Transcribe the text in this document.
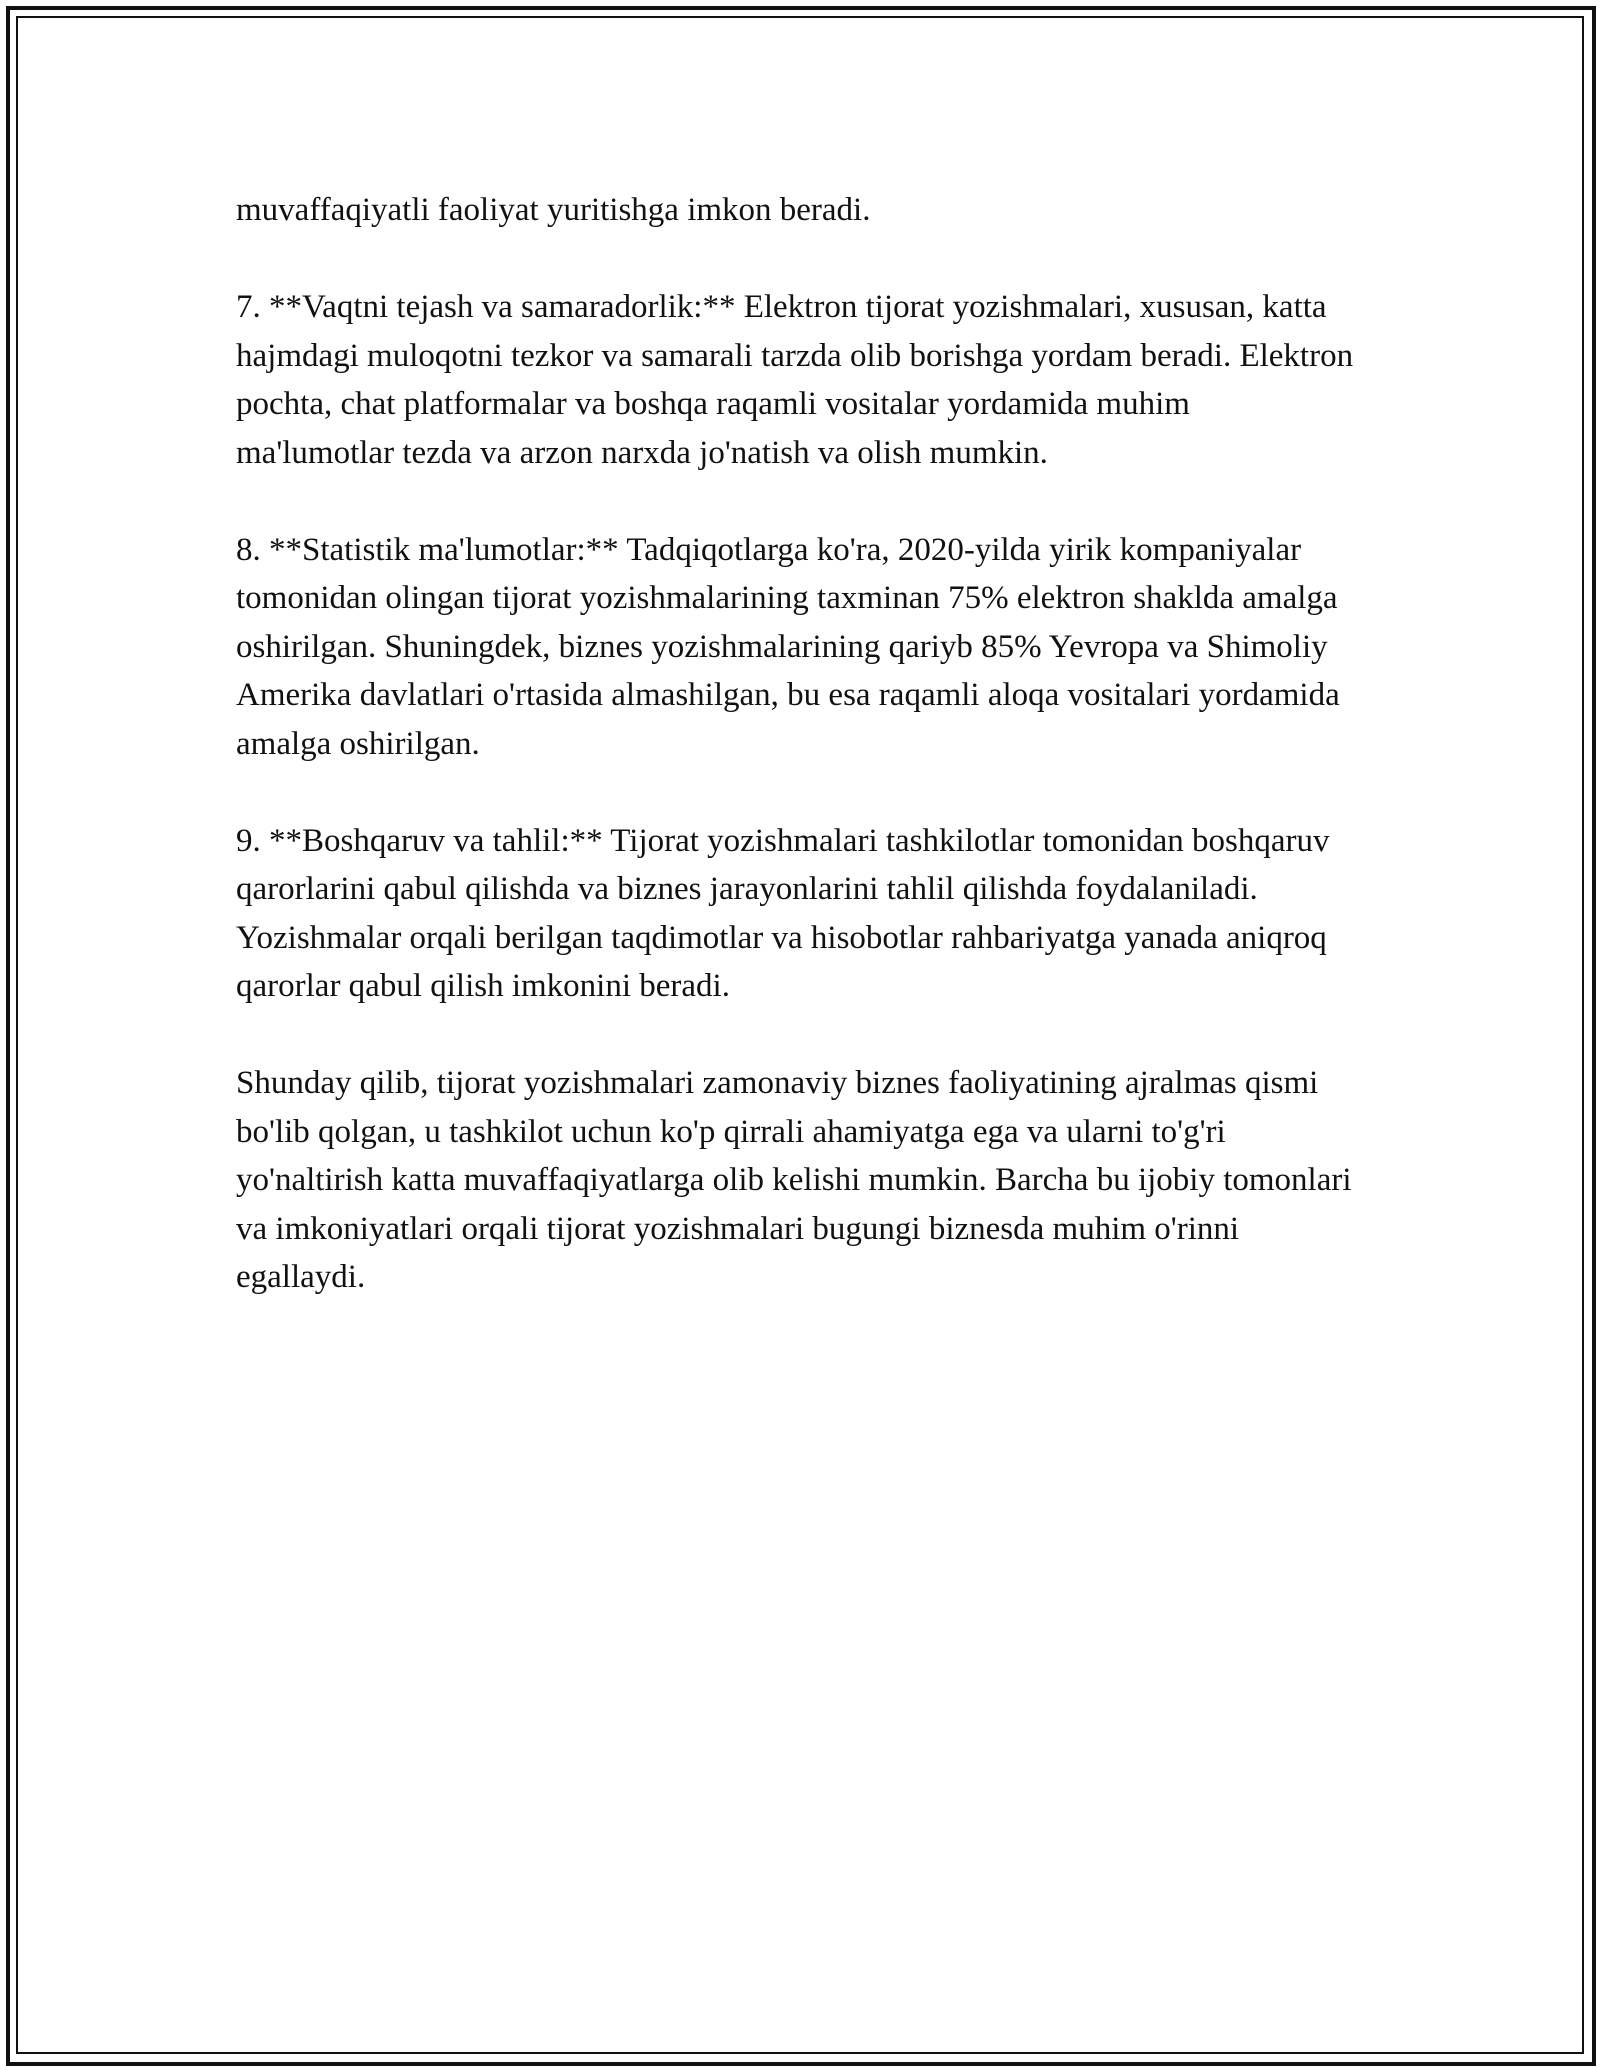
muvaffaqiyatli faoliyat yuritishga imkon beradi.

7. **Vaqtni tejash va samaradorlik:** Elektron tijorat yozishmalari, xususan, katta hajmdagi muloqotni tezkor va samarali tarzda olib borishga yordam beradi. Elektron pochta, chat platformalar va boshqa raqamli vositalar yordamida muhim ma'lumotlar tezda va arzon narxda jo'natish va olish mumkin.

8. **Statistik ma'lumotlar:** Tadqiqotlarga ko'ra, 2020-yilda yirik kompaniyalar tomonidan olingan tijorat yozishmalarining taxminan 75% elektron shaklda amalga oshirilgan. Shuningdek, biznes yozishmalarining qariyb 85% Yevropa va Shimoliy Amerika davlatlari o'rtasida almashilgan, bu esa raqamli aloqa vositalari yordamida amalga oshirilgan.

9. **Boshqaruv va tahlil:** Tijorat yozishmalari tashkilotlar tomonidan boshqaruv qarorlarini qabul qilishda va biznes jarayonlarini tahlil qilishda foydalaniladi. Yozishmalar orqali berilgan taqdimotlar va hisobotlar rahbariyatga yanada aniqroq qarorlar qabul qilish imkonini beradi.

Shunday qilib, tijorat yozishmalari zamonaviy biznes faoliyatining ajralmas qismi bo'lib qolgan, u tashkilot uchun ko'p qirrali ahamiyatga ega va ularni to'g'ri yo'naltirish katta muvaffaqiyatlarga olib kelishi mumkin. Barcha bu ijobiy tomonlari va imkoniyatlari orqali tijorat yozishmalari bugungi biznesda muhim o'rinni egallaydi.
